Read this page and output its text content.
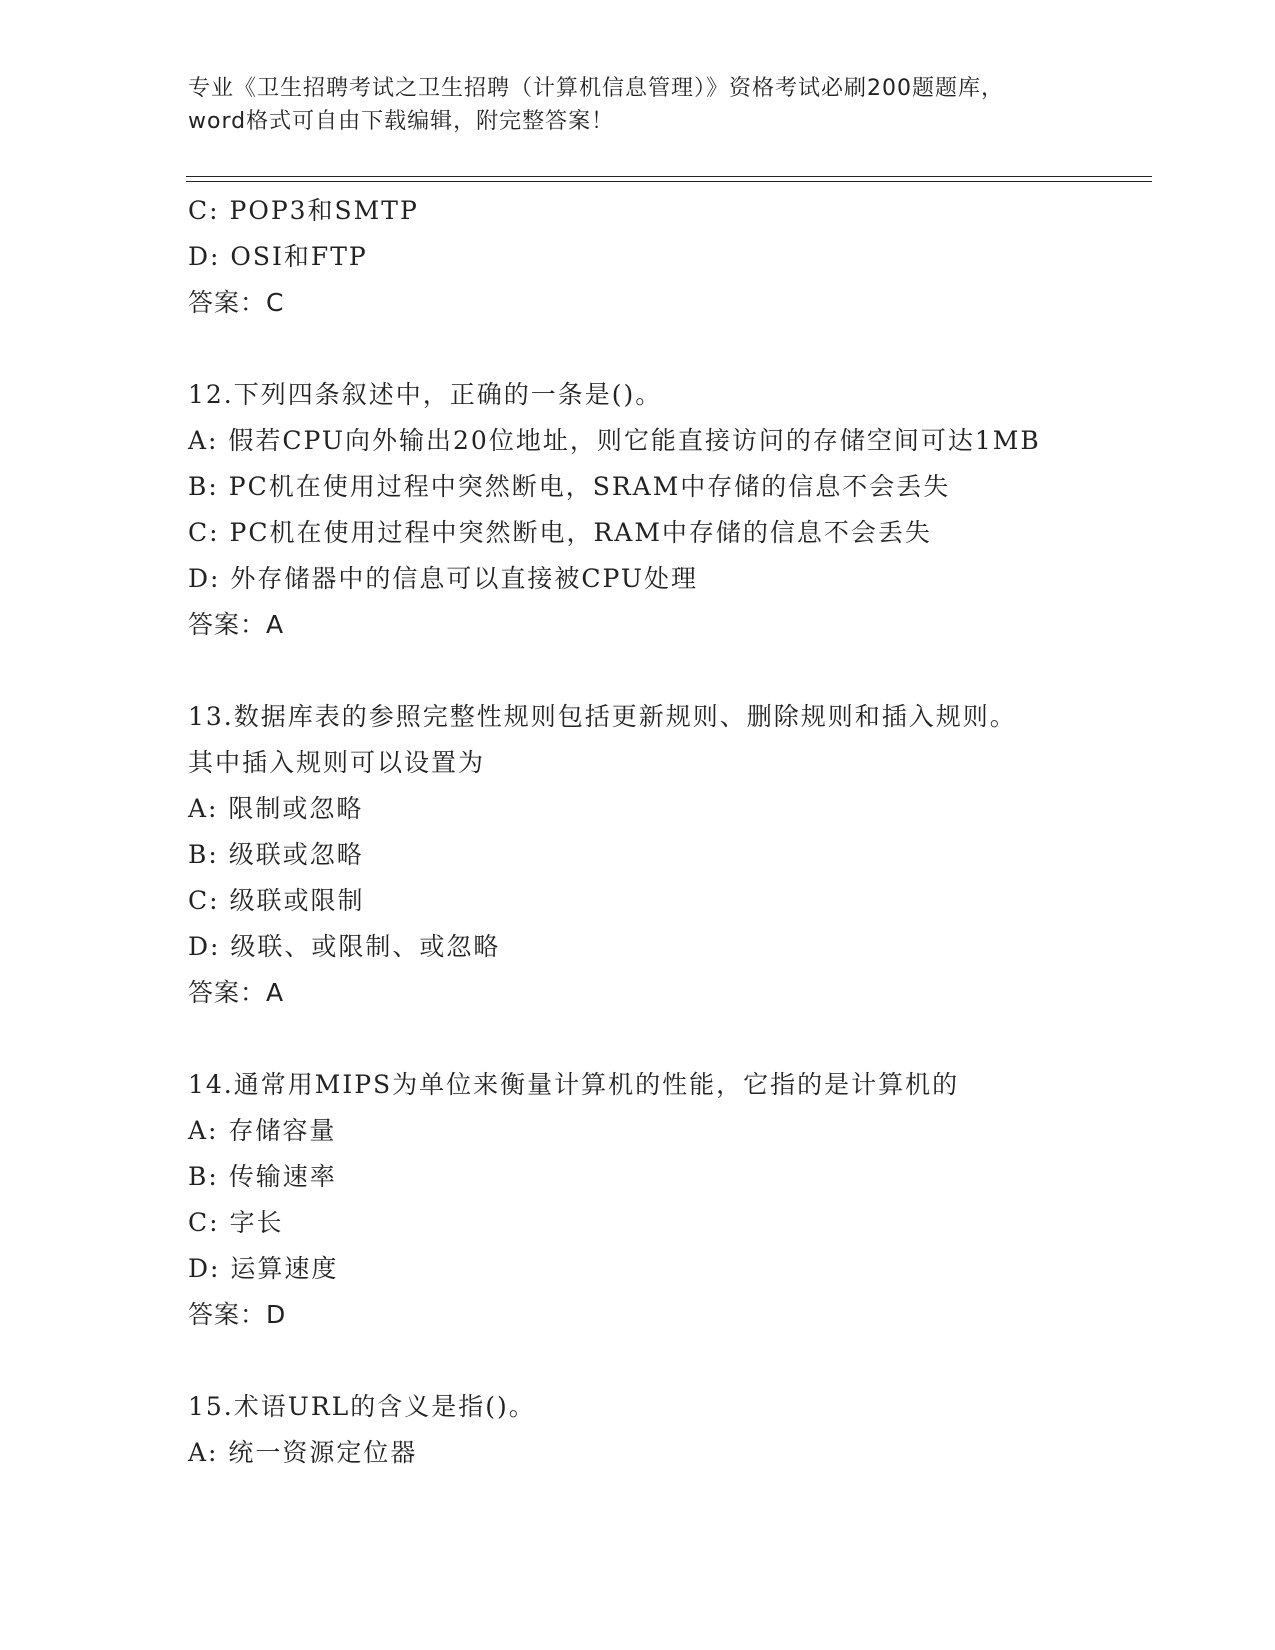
专业《卫生招聘考试之卫生招聘（计算机信息管理）》资格考试必刷200题题库，
word格式可自由下载编辑，附完整答案！
C: POP3和SMTP
D: OSI和FTP
答案：C
12.下列四条叙述中，正确的一条是()。
A: 假若CPU向外输出20位地址，则它能直接访问的存储空间可达1MB
B: PC机在使用过程中突然断电，SRAM中存储的信息不会丢失
C: PC机在使用过程中突然断电，RAM中存储的信息不会丢失
D: 外存储器中的信息可以直接被CPU处理
答案：A
13.数据库表的参照完整性规则包括更新规则、删除规则和插入规则。
其中插入规则可以设置为
A: 限制或忽略
B: 级联或忽略
C: 级联或限制
D: 级联、或限制、或忽略
答案：A
14.通常用MIPS为单位来衡量计算机的性能，它指的是计算机的
A: 存储容量
B: 传输速率
C: 字长
D: 运算速度
答案：D
15.术语URL的含义是指()。
A: 统一资源定位器
